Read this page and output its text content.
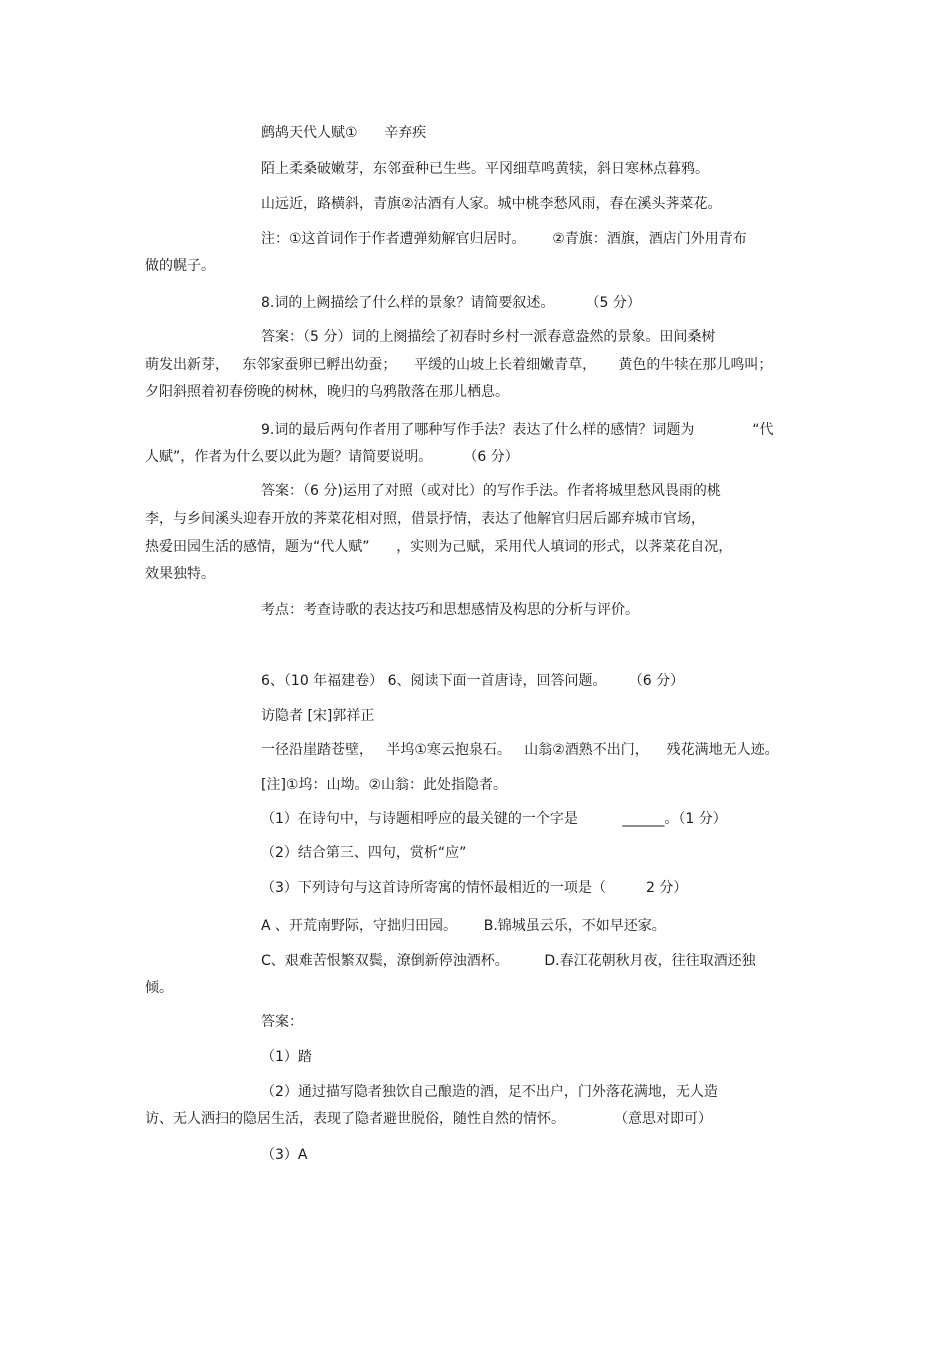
鹧鸪天代人赋①      辛弃疾
陌上柔桑破嫩芽，东邻蚕种已生些。平冈细草鸣黄犊，斜日寒林点暮鸦。
山远近，路横斜，青旗②沽酒有人家。城中桃李愁风雨，春在溪头荠菜花。
注：①这首词作于作者遭弹劾解官归居时。      ②青旗：酒旗，酒店门外用青布
做的幌子。
8.词的上阙描绘了什么样的景象？请简要叙述。       （5 分）
答案：（5 分）词的上阕描绘了初春时乡村一派春意盎然的景象。田间桑树
萌发出新芽，   东邻家蚕卵已孵出幼蚕；    平缓的山坡上长着细嫩青草，     黄色的牛犊在那儿鸣叫；
夕阳斜照着初春傍晚的树林，晚归的乌鸦散落在那儿栖息。
9.词的最后两句作者用了哪种写作手法？表达了什么样的感情？词题为             “代
人赋”，作者为什么要以此为题？请简要说明。       （6 分）
答案：（6 分)运用了对照（或对比）的写作手法。作者将城里愁风畏雨的桃
李，与乡间溪头迎春开放的荠菜花相对照，借景抒情，表达了他解官归居后鄙弃城市官场，
热爱田园生活的感情，题为“代人赋”      ，实则为己赋，采用代人填词的形式，以荠菜花自况，
效果独特。
考点：考查诗歌的表达技巧和思想感情及构思的分析与评价。
6、（10 年福建卷） 6、阅读下面一首唐诗，回答问题。     （6 分）
访隐者 [宋]郭祥正
一径沿崖踏苍壁，   半坞①寒云抱泉石。   山翁②酒熟不出门，    残花满地无人迹。
[注]①坞：山坳。②山翁：此处指隐者。
（1）在诗句中，与诗题相呼应的最关键的一个字是          ______。（1 分）
（2）结合第三、四句，赏析“应”
（3）下列诗句与这首诗所寄寓的情怀最相近的一项是（         2 分）
A 、开荒南野际，守拙归田园。      B.锦城虽云乐，不如早还家。
C、艰难苦恨繁双鬓，潦倒新停浊酒杯。        D.春江花朝秋月夜，往往取酒还独
倾。
答案：
（1）踏
（2）通过描写隐者独饮自己酿造的酒，足不出户，门外落花满地，无人造
访、无人洒扫的隐居生活，表现了隐者避世脱俗，随性自然的情怀。           （意思对即可）
（3）A
